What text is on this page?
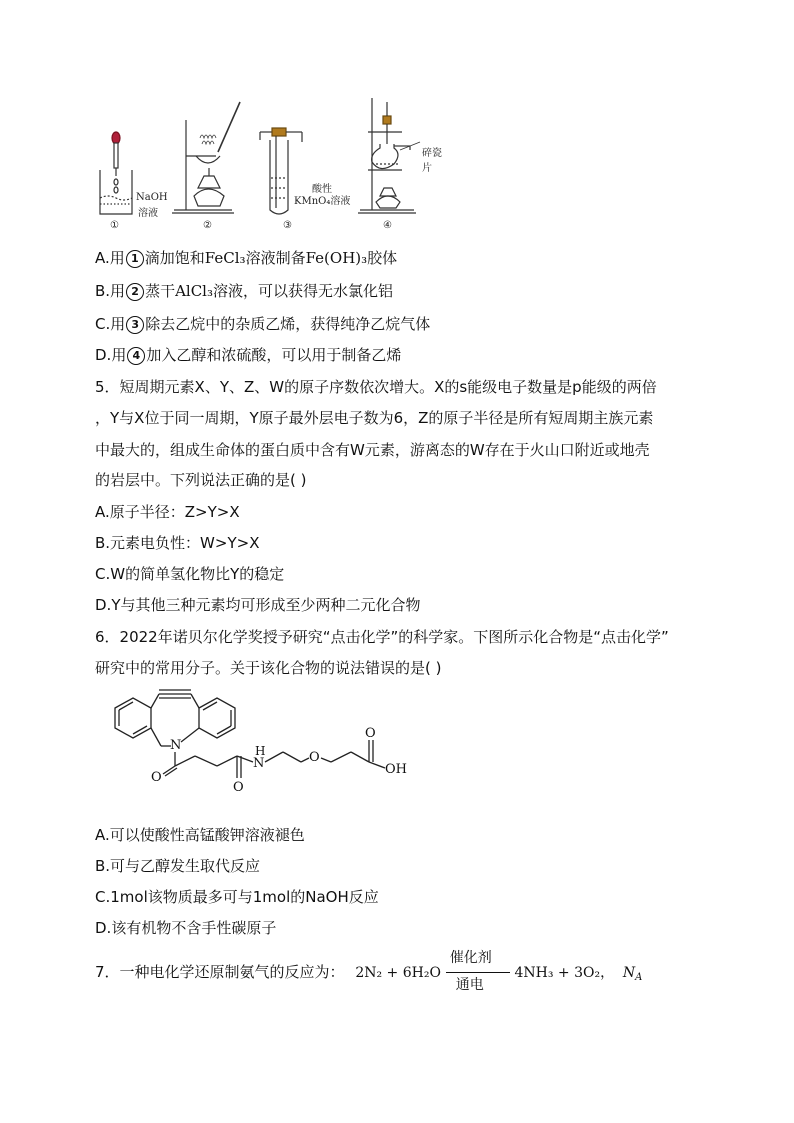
①	②	③	④
NaOH
溶液
酸性
KMnO₄溶液
碎瓷片
A.用 1 滴加饱和FeCl₃溶液制备Fe(OH)₃胶体
B.用 2 蒸干AlCl₃溶液，可以获得无水氯化铝
C.用 3 除去乙烷中的杂质乙烯，获得纯净乙烷气体
D.用 4 加入乙醇和浓硫酸，可以用于制备乙烯
5．短周期元素X、Y、Z、W的原子序数依次增大。X的s能级电子数量是p能级的两倍
，Y与X位于同一周期，Y原子最外层电子数为6，Z的原子半径是所有短周期主族元素
中最大的，组成生命体的蛋白质中含有W元素，游离态的W存在于火山口附近或地壳
的岩层中。下列说法正确的是( )
A.原子半径：Z>Y>X
B.元素电负性：W>Y>X
C.W的简单氢化物比Y的稳定
D.Y与其他三种元素均可形成至少两种二元化合物
6．2022年诺贝尔化学奖授予研究“点击化学”的科学家。下图所示化合物是“点击化学”
研究中的常用分子。关于该化合物的说法错误的是( )
N
O
O
H
N	O
O
OH
A.可以使酸性高锰酸钾溶液褪色
B.可与乙醇发生取代反应
C.1mol该物质最多可与1mol的NaOH反应
D.该有机物不含手性碳原子
7．一种电化学还原制氨气的反应为： 2N₂ + 6H₂O
催化剂
通电
4NH₃ + 3O₂， $N_A$
